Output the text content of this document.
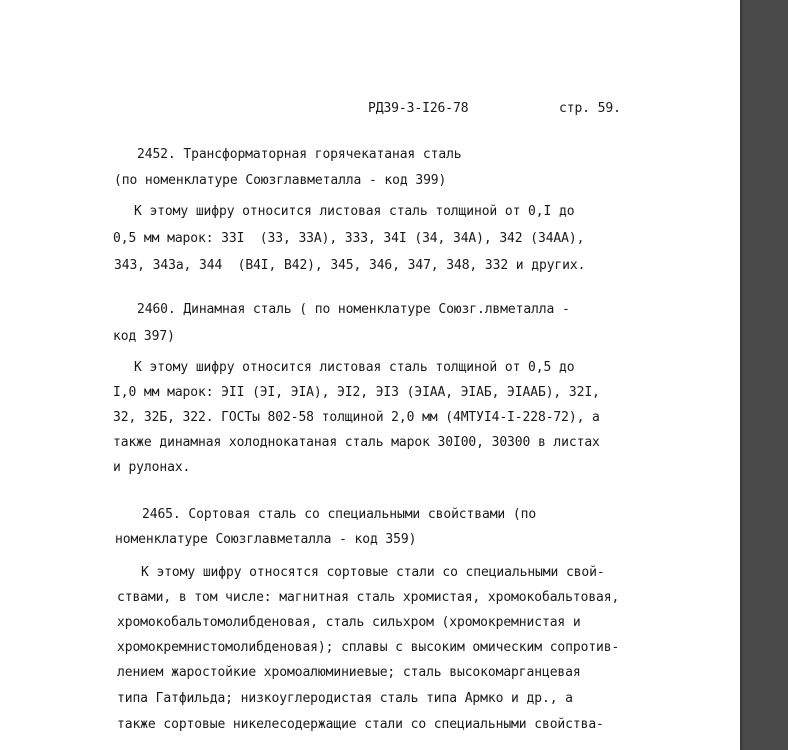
РДЗ9-3-I26-78	стр. 59.
2452. Трансформаторная горячекатаная сталь
(по номенклатуре Союзглавметалла - код 399)
К этому шифру относится листовая сталь толщиной от 0,I до
0,5 мм марок: 33I  (33, 33А), 333, 34I (34, 34А), 342 (34АА),
343, 343а, 344  (B4I, B42), 345, 346, 347, 348, 332 и других.
2460. Динамная сталь ( по номенклатуре Союзг.лвметалла -
код 397)
К этому шифру относится листовая сталь толщиной от 0,5 до
I,0 мм марок: ЭII (ЭI, ЭIА), ЭI2, ЭI3 (ЭIАА, ЭIАБ, ЭIААБ), 32I,
32, 32Б, 322. ГОСТы 802-58 толщиной 2,0 мм (4МТУI4-I-228-72), а
также динамная холоднокатаная сталь марок 30I00, 30300 в листах
и рулонах.
2465. Сортовая сталь со специальными свойствами (по
номенклатуре Союзглавметалла - код 359)
К этому шифру относятся сортовые стали со специальными свой-
ствами, в том числе: магнитная сталь хромистая, хромокобальтовая,
хромокобальтомолибденовая, сталь сильхром (хромокремнистая и
хромокремнистомолибденовая); сплавы с высоким омическим сопротив-
лением жаростойкие хромоалюминиевые; сталь высокомарганцевая
типа Гатфильда; низкоуглеродистая сталь типа Армко и др., а
также сортовые никелесодержащие стали со специальными свойства-
